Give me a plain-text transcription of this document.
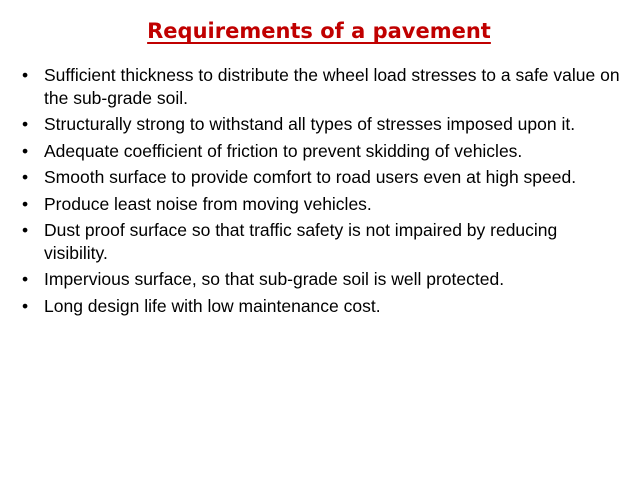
Requirements of a pavement
• Sufficient thickness to distribute the wheel load stresses to a safe value on the sub-grade soil.
• Structurally strong to withstand all types of stresses imposed upon it.
• Adequate coefficient of friction to prevent skidding of vehicles.
• Smooth surface to provide comfort to road users even at high speed.
• Produce least noise from moving vehicles.
• Dust proof surface so that traffic safety is not impaired by reducing visibility.
• Impervious surface, so that sub-grade soil is well protected.
• Long design life with low maintenance cost.
